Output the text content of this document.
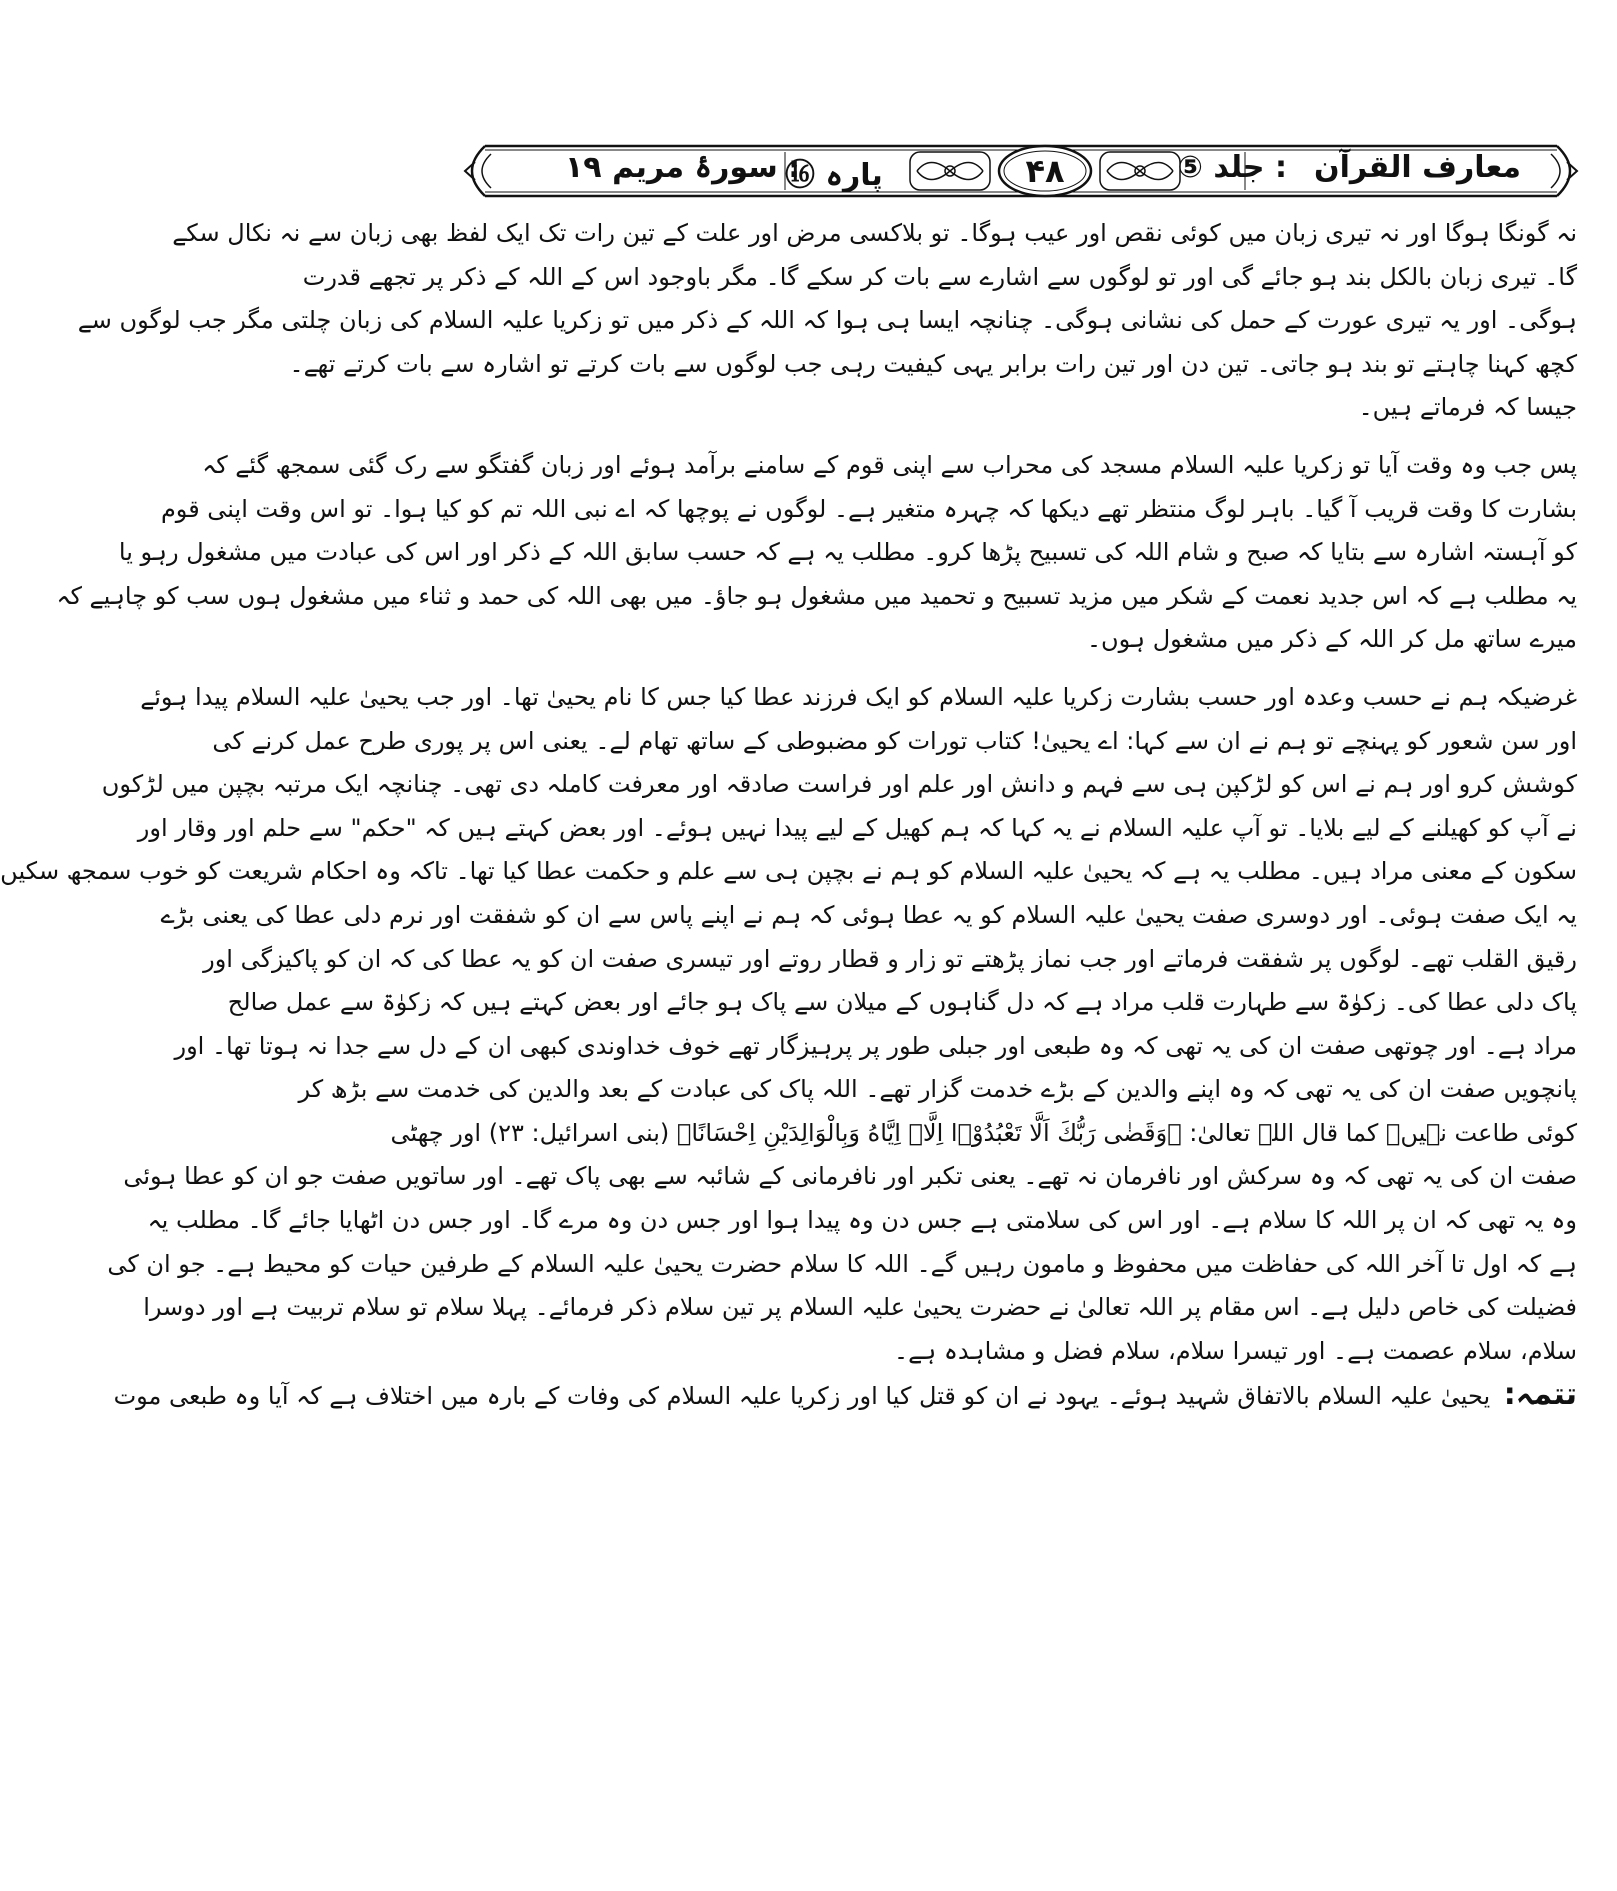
معارف القرآن
: جلد ⑤
۴۸
پارہ ⑯
: سورۂ مریم ۱۹
نہ گونگا ہوگا اور نہ تیری زبان میں کوئی نقص اور عیب ہوگا۔ تو بلاکسی مرض اور علت کے تین رات تک ایک لفظ بھی زبان سے نہ نکال سکے
گا۔ تیری زبان بالکل بند ہو جائے گی اور تو لوگوں سے اشارے سے بات کر سکے گا۔ مگر باوجود اس کے اللہ کے ذکر پر تجھے قدرت
ہوگی۔ اور یہ تیری عورت کے حمل کی نشانی ہوگی۔ چنانچہ ایسا ہی ہوا کہ اللہ کے ذکر میں تو زکریا علیہ السلام کی زبان چلتی مگر جب لوگوں سے
کچھ کہنا چاہتے تو بند ہو جاتی۔ تین دن اور تین رات برابر یہی کیفیت رہی جب لوگوں سے بات کرتے تو اشارہ سے بات کرتے تھے۔
جیسا کہ فرماتے ہیں۔
پس جب وہ وقت آیا تو زکریا علیہ السلام مسجد کی محراب سے اپنی قوم کے سامنے برآمد ہوئے اور زبان گفتگو سے رک گئی سمجھ گئے کہ
بشارت کا وقت قریب آ گیا۔ باہر لوگ منتظر تھے دیکھا کہ چہرہ متغیر ہے۔ لوگوں نے پوچھا کہ اے نبی اللہ تم کو کیا ہوا۔ تو اس وقت اپنی قوم
کو آہستہ اشارہ سے بتایا کہ صبح و شام اللہ کی تسبیح پڑھا کرو۔ مطلب یہ ہے کہ حسب سابق اللہ کے ذکر اور اس کی عبادت میں مشغول رہو یا
یہ مطلب ہے کہ اس جدید نعمت کے شکر میں مزید تسبیح و تحمید میں مشغول ہو جاؤ۔ میں بھی اللہ کی حمد و ثناء میں مشغول ہوں سب کو چاہیے کہ
میرے ساتھ مل کر اللہ کے ذکر میں مشغول ہوں۔
غرضیکہ ہم نے حسب وعدہ اور حسب بشارت زکریا علیہ السلام کو ایک فرزند عطا کیا جس کا نام یحییٰ تھا۔ اور جب یحییٰ علیہ السلام پیدا ہوئے
اور سن شعور کو پہنچے تو ہم نے ان سے کہا: اے یحییٰ! کتاب تورات کو مضبوطی کے ساتھ تھام لے۔ یعنی اس پر پوری طرح عمل کرنے کی
کوشش کرو اور ہم نے اس کو لڑکپن ہی سے فہم و دانش اور علم اور فراست صادقہ اور معرفت کاملہ دی تھی۔ چنانچہ ایک مرتبہ بچپن میں لڑکوں
نے آپ کو کھیلنے کے لیے بلایا۔ تو آپ علیہ السلام نے یہ کہا کہ ہم کھیل کے لیے پیدا نہیں ہوئے۔ اور بعض کہتے ہیں کہ "حکم" سے حلم اور وقار اور
سکون کے معنی مراد ہیں۔ مطلب یہ ہے کہ یحییٰ علیہ السلام کو ہم نے بچپن ہی سے علم و حکمت عطا کیا تھا۔ تاکہ وہ احکام شریعت کو خوب سمجھ سکیں
یہ ایک صفت ہوئی۔ اور دوسری صفت یحییٰ علیہ السلام کو یہ عطا ہوئی کہ ہم نے اپنے پاس سے ان کو شفقت اور نرم دلی عطا کی یعنی بڑے
رقیق القلب تھے۔ لوگوں پر شفقت فرماتے اور جب نماز پڑھتے تو زار و قطار روتے اور تیسری صفت ان کو یہ عطا کی کہ ان کو پاکیزگی اور
پاک دلی عطا کی۔ زکوٰۃ سے طہارت قلب مراد ہے کہ دل گناہوں کے میلان سے پاک ہو جائے اور بعض کہتے ہیں کہ زکوٰۃ سے عمل صالح
مراد ہے۔ اور چوتھی صفت ان کی یہ تھی کہ وہ طبعی اور جبلی طور پر پرہیزگار تھے خوف خداوندی کبھی ان کے دل سے جدا نہ ہوتا تھا۔ اور
پانچویں صفت ان کی یہ تھی کہ وہ اپنے والدین کے بڑے خدمت گزار تھے۔ اللہ پاک کی عبادت کے بعد والدین کی خدمت سے بڑھ کر
کوئی طاعت نہیں۔ کما قال اللہ تعالیٰ: ﴿وَقَضٰى رَبُّكَ اَلَّا تَعْبُدُوْۤا اِلَّاۤ اِيَّاهُ وَبِالْوَالِدَيْنِ اِحْسَانًا﴾ (بنی اسرائیل: ۲۳) اور چھٹی
صفت ان کی یہ تھی کہ وہ سرکش اور نافرمان نہ تھے۔ یعنی تکبر اور نافرمانی کے شائبہ سے بھی پاک تھے۔ اور ساتویں صفت جو ان کو عطا ہوئی
وہ یہ تھی کہ ان پر اللہ کا سلام ہے۔ اور اس کی سلامتی ہے جس دن وہ پیدا ہوا اور جس دن وہ مرے گا۔ اور جس دن اٹھایا جائے گا۔ مطلب یہ
ہے کہ اول تا آخر اللہ کی حفاظت میں محفوظ و مامون رہیں گے۔ اللہ کا سلام حضرت یحییٰ علیہ السلام کے طرفین حیات کو محیط ہے۔ جو ان کی
فضیلت کی خاص دلیل ہے۔ اس مقام پر اللہ تعالیٰ نے حضرت یحییٰ علیہ السلام پر تین سلام ذکر فرمائے۔ پہلا سلام تو سلام تربیت ہے اور دوسرا
سلام، سلام عصمت ہے۔ اور تیسرا سلام، سلام فضل و مشاہدہ ہے۔
تتمہ: یحییٰ علیہ السلام بالاتفاق شہید ہوئے۔ یہود نے ان کو قتل کیا اور زکریا علیہ السلام کی وفات کے بارہ میں اختلاف ہے کہ آیا وہ طبعی موت
